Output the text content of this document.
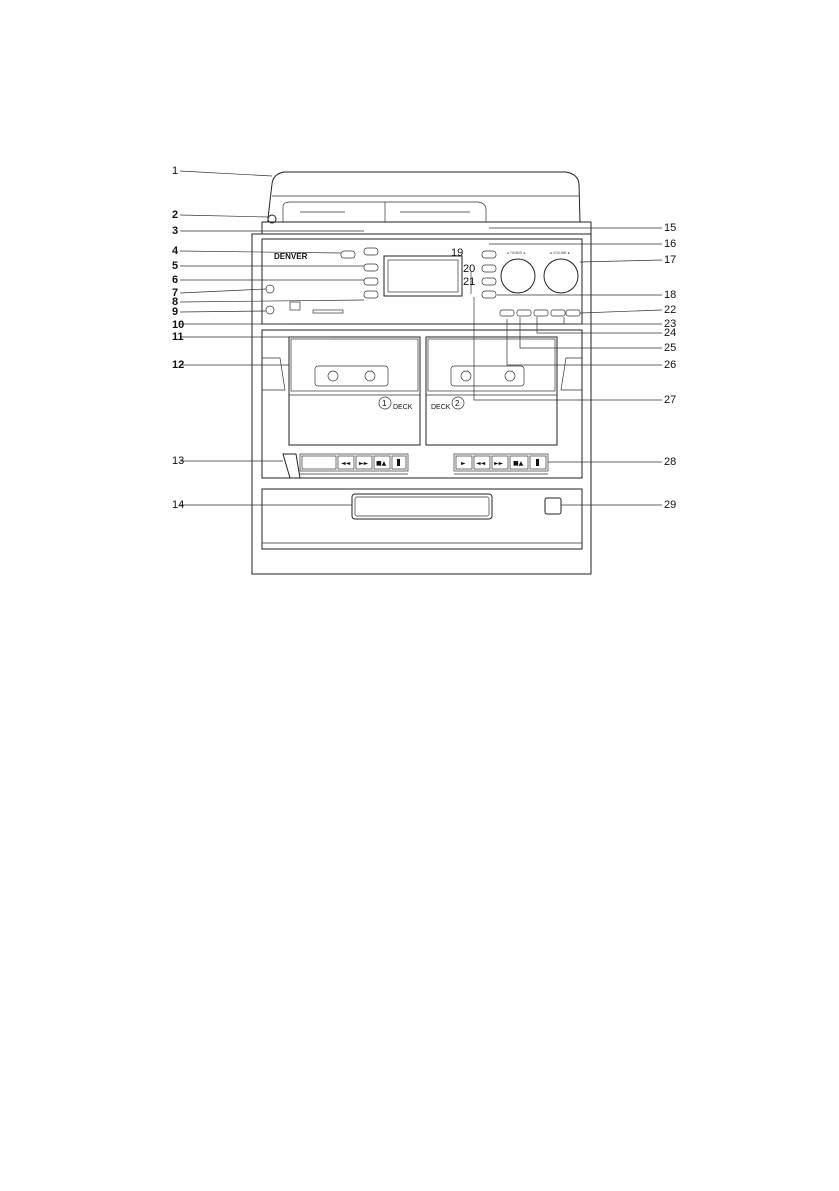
DENVER	◄ TUNING ►	◄ VOLUME ►
1 DECK	DECK 2
◄◄ ►► ■▲	► ◄◄ ►► ■▲
1
2
3
4
5
6
7
8
9
10
11
12
13
14
15
16
17
18
19
20
21
22
23
24
25
26
27
28
29
